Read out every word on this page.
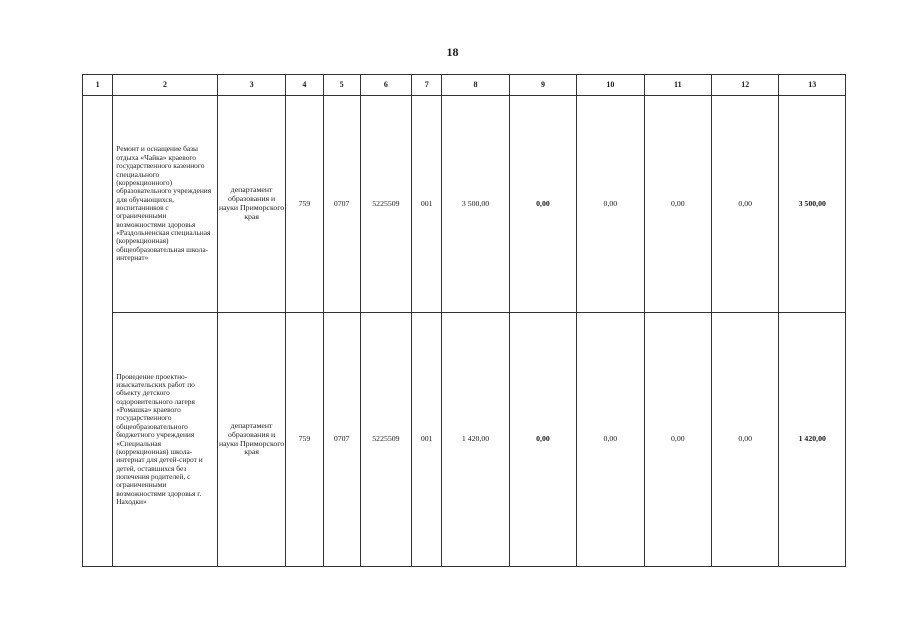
18
1	2	3	4	5	6	7	8	9	10	11	12	13
	Ремонт и оснащение базы отдыха «Чайка» краевого государственного казенного специального (коррекционного) образовательного учреждения для обучающихся, воспитанников с ограниченными возможностями здоровья «Раздольненская специальная (коррекционная) общеобразовательная школа-интернат»	департамент образования и науки Приморского края	759	0707	5225509	001	3 500,00	0,00	0,00	0,00	0,00	3 500,00
	Проведение проектно-изыскательских работ по объекту детского оздоровительного лагеря «Ромашка» краевого государственного общеобразовательного бюджетного учреждения «Специальная (коррекционная) школа-интернат для детей-сирот и детей, оставшихся без попечения родителей, с ограниченными возможностями здоровья г. Находки»	департамент образования и науки Приморского края	759	0707	5225509	001	1 420,00	0,00	0,00	0,00	0,00	1 420,00
